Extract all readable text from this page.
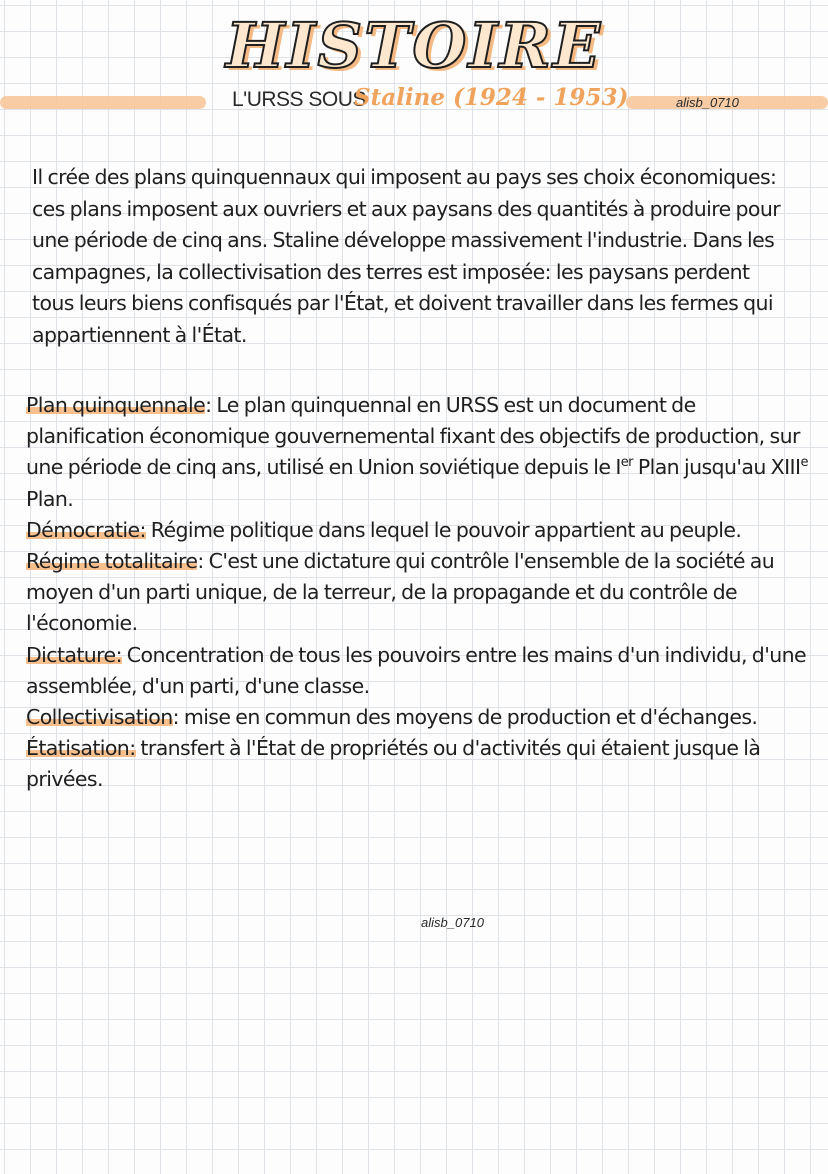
HISTOIRE
L'URSS SOUS
Staline (1924 - 1953)	alisb_0710

Il crée des plans quinquennaux qui imposent au pays ses choix économiques:

ces plans imposent aux ouvriers et aux paysans des quantités à produire pour

une période de cinq ans. Staline développe massivement l'industrie. Dans les

campagnes, la collectivisation des terres est imposée: les paysans perdent

tous leurs biens confisqués par l'État, et doivent travailler dans les fermes qui

appartiennent à l'État.

Plan quinquennale: Le plan quinquennal en URSS est un document de planification économique gouvernemental fixant des objectifs de production, sur une période de cinq ans, utilisé en Union soviétique depuis le Ier Plan jusqu'au XIIIe Plan.

Démocratie: Régime politique dans lequel le pouvoir appartient au peuple.

Régime totalitaire: C'est une dictature qui contrôle l'ensemble de la société au moyen d'un parti unique, de la terreur, de la propagande et du contrôle de l'économie.

Dictature: Concentration de tous les pouvoirs entre les mains d'un individu, d'une assemblée, d'un parti, d'une classe.

Collectivisation: mise en commun des moyens de production et d'échanges.

Étatisation: transfert à l'État de propriétés ou d'activités qui étaient jusque là privées.

alisb_0710
